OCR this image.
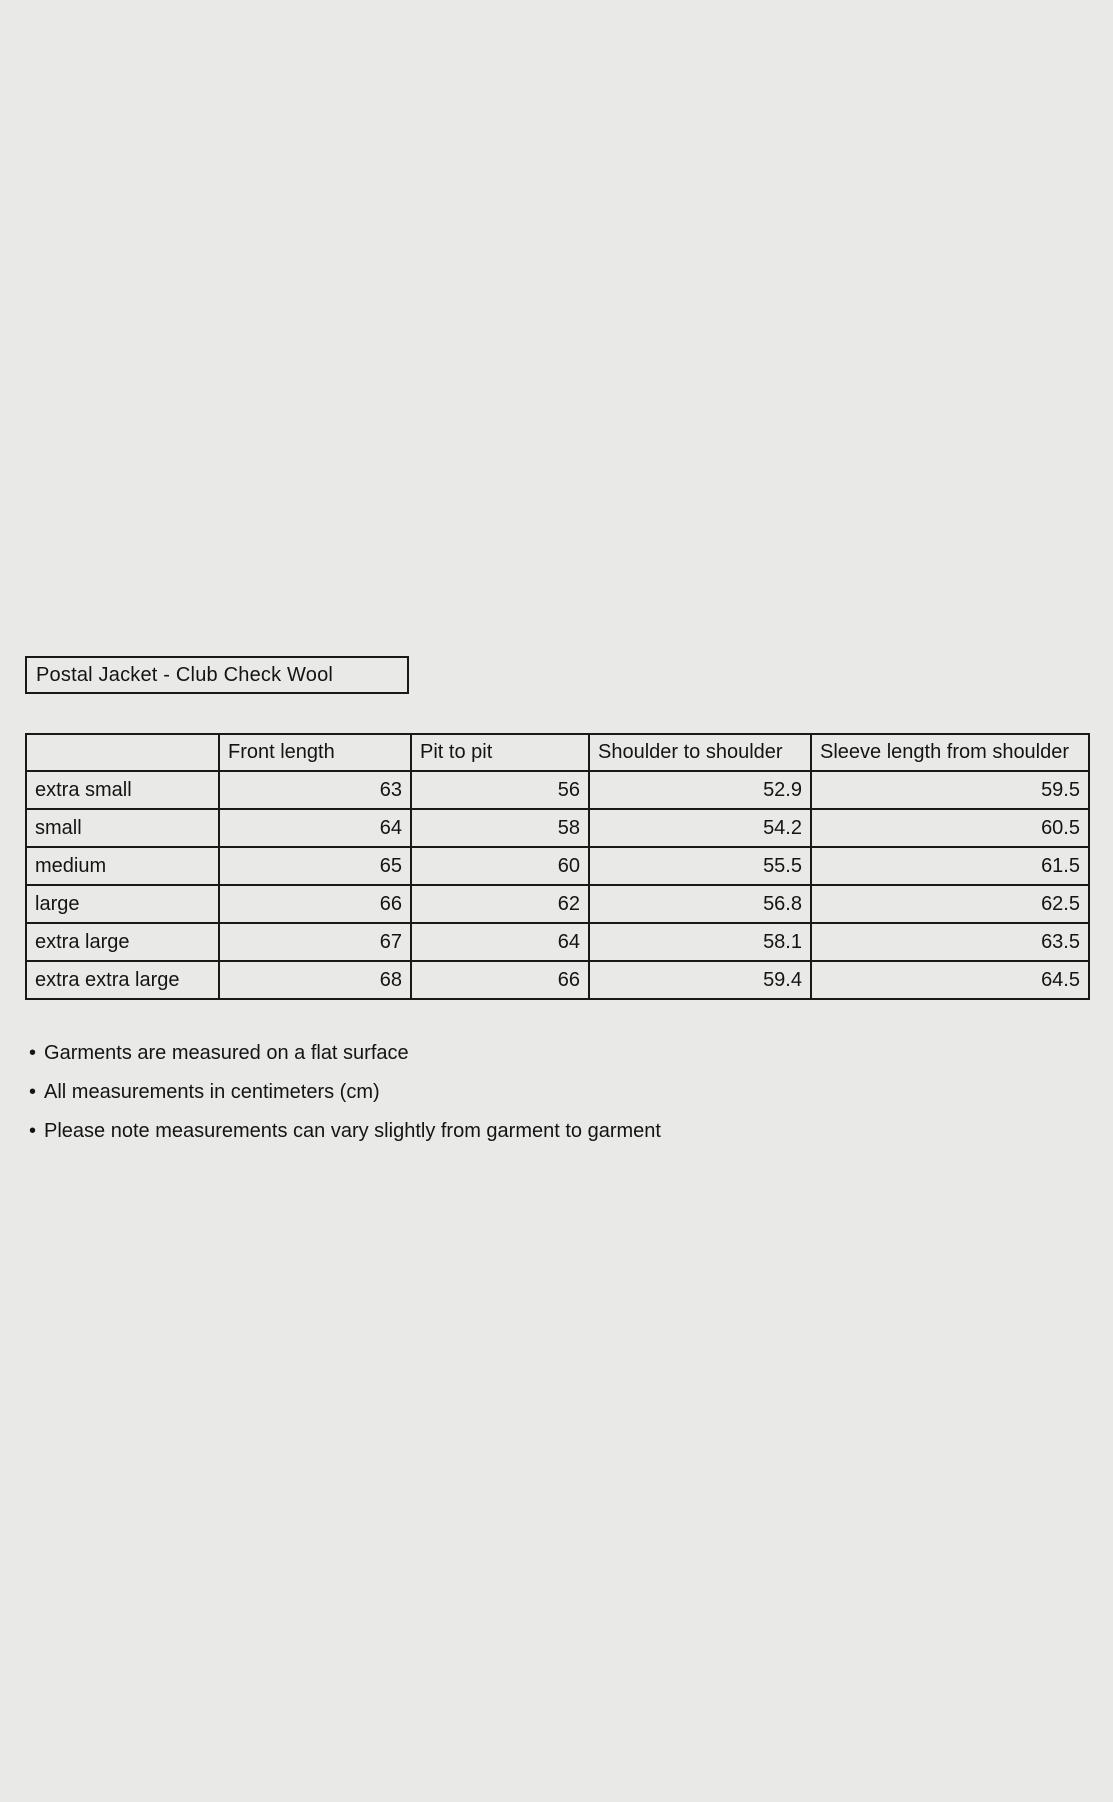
Postal Jacket - Club Check Wool
	Front length	Pit to pit	Shoulder to shoulder	Sleeve length from shoulder
extra small	63	56	52.9	59.5
small	64	58	54.2	60.5
medium	65	60	55.5	61.5
large	66	62	56.8	62.5
extra large	67	64	58.1	63.5
extra extra large	68	66	59.4	64.5
• Garments are measured on a flat surface
• All measurements in centimeters (cm)
• Please note measurements can vary slightly from garment to garment
